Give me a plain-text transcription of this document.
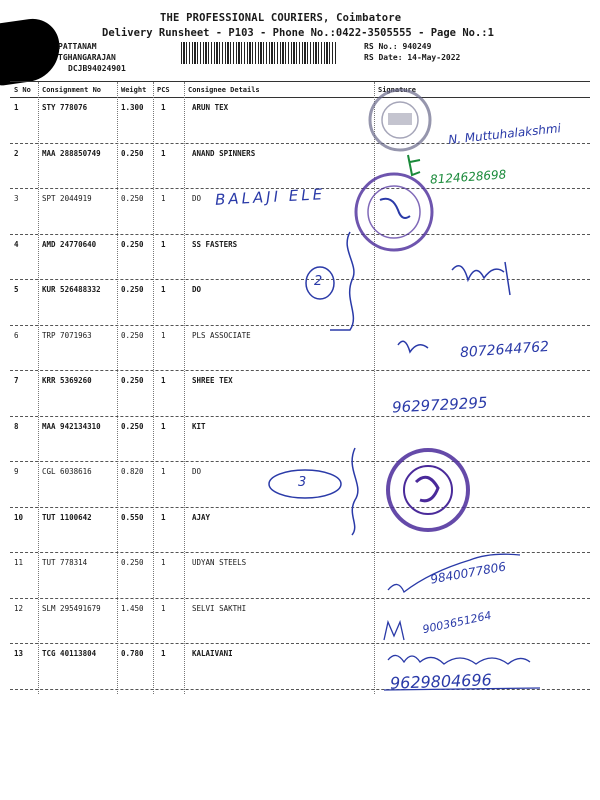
THE PROFESSIONAL COURIERS, Coimbatore
Delivery Runsheet - P103 - Phone No.:0422-3505555 - Page No.:1
PATTANAM
TGHANGARAJAN
DCJB94024901
RS No.: 940249
RS Date: 14-May-2022
S No Consignment No	Weight PCS	Consignee Details	Signature
1	STY 778076	1.300 1	ARUN TEX
2	MAA 288850749	0.250 1	ANAND SPINNERS
3	SPT 2044919	0.250 1	DO
4	AMD 24770640	0.250 1	SS FASTERS
5	KUR 526488332	0.250 1	DO
6	TRP 7071963	0.250 1	PLS ASSOCIATE
7	KRR 5369260	0.250 1	SHREE TEX
8	MAA 942134310	0.250 1	KIT
9	CGL 6038616	0.820 1	DO
10	TUT 1100642	0.550 1	AJAY
11	TUT 778314	0.250 1	UDYAN STEELS
12	SLM 295491679	1.450 1	SELVI SAKTHI
13	TCG 40113804	0.780 1	KALAIVANI
N. Muttuhalakshmi
8124628698
BALAJI ELE
2
8072644762
9629729295
3
9840077806
9003651264
9629804696
